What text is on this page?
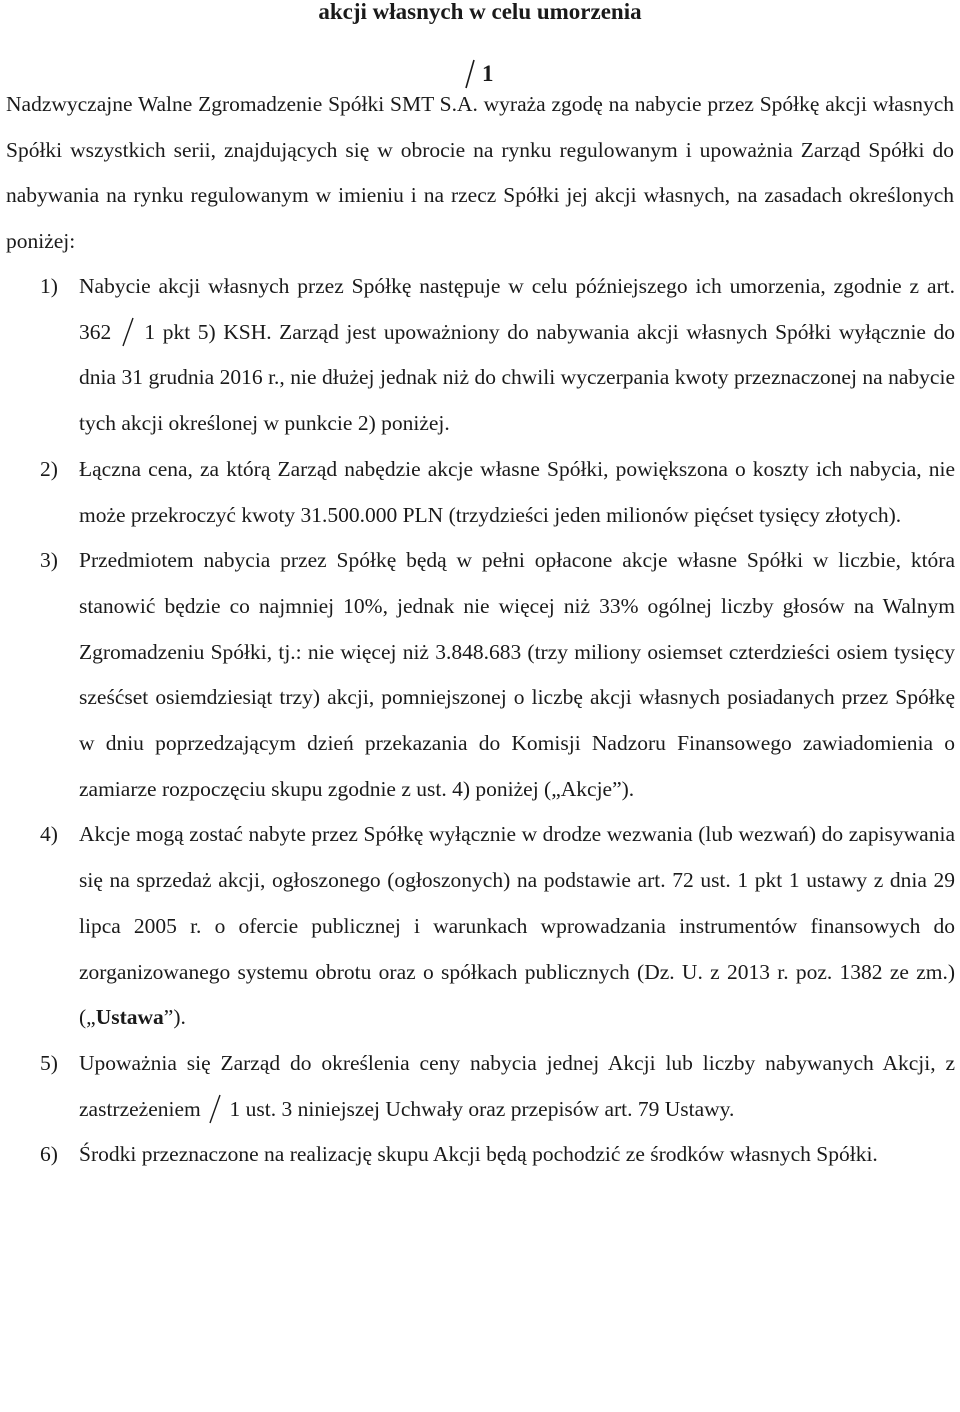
akcji własnych w celu umorzenia
1

Nadzwyczajne Walne Zgromadzenie Spółki SMT S.A. wyraża zgodę na nabycie przez Spółkę akcji własnych Spółki wszystkich serii, znajdujących się w obrocie na rynku regulowanym i upoważnia Zarząd Spółki do nabywania na rynku regulowanym w imieniu i na rzecz Spółki jej akcji własnych, na zasadach określonych poniżej:

1) Nabycie akcji własnych przez Spółkę następuje w celu późniejszego ich umorzenia, zgodnie z art. 362 1 pkt 5) KSH. Zarząd jest upoważniony do nabywania akcji własnych Spółki wyłącznie do dnia 31 grudnia 2016 r., nie dłużej jednak niż do chwili wyczerpania kwoty przeznaczonej na nabycie tych akcji określonej w punkcie 2) poniżej.
2) Łączna cena, za którą Zarząd nabędzie akcje własne Spółki, powiększona o koszty ich nabycia, nie może przekroczyć kwoty 31.500.000 PLN (trzydzieści jeden milionów pięćset tysięcy złotych).
3) Przedmiotem nabycia przez Spółkę będą w pełni opłacone akcje własne Spółki w liczbie, która stanowić będzie co najmniej 10%, jednak nie więcej niż 33% ogólnej liczby głosów na Walnym Zgromadzeniu Spółki, tj.: nie więcej niż 3.848.683 (trzy miliony osiemset czterdzieści osiem tysięcy sześćset osiemdziesiąt trzy) akcji, pomniejszonej o liczbę akcji własnych posiadanych przez Spółkę w dniu poprzedzającym dzień przekazania do Komisji Nadzoru Finansowego zawiadomienia o zamiarze rozpoczęciu skupu zgodnie z ust. 4) poniżej („Akcje”).
4) Akcje mogą zostać nabyte przez Spółkę wyłącznie w drodze wezwania (lub wezwań) do zapisywania się na sprzedaż akcji, ogłoszonego (ogłoszonych) na podstawie art. 72 ust. 1 pkt 1 ustawy z dnia 29 lipca 2005 r. o ofercie publicznej i warunkach wprowadzania instrumentów finansowych do zorganizowanego systemu obrotu oraz o spółkach publicznych (Dz. U. z 2013 r. poz. 1382 ze zm.) („Ustawa”).
5) Upoważnia się Zarząd do określenia ceny nabycia jednej Akcji lub liczby nabywanych Akcji, z zastrzeżeniem 1 ust. 3 niniejszej Uchwały oraz przepisów art. 79 Ustawy.
6) Środki przeznaczone na realizację skupu Akcji będą pochodzić ze środków własnych Spółki.
